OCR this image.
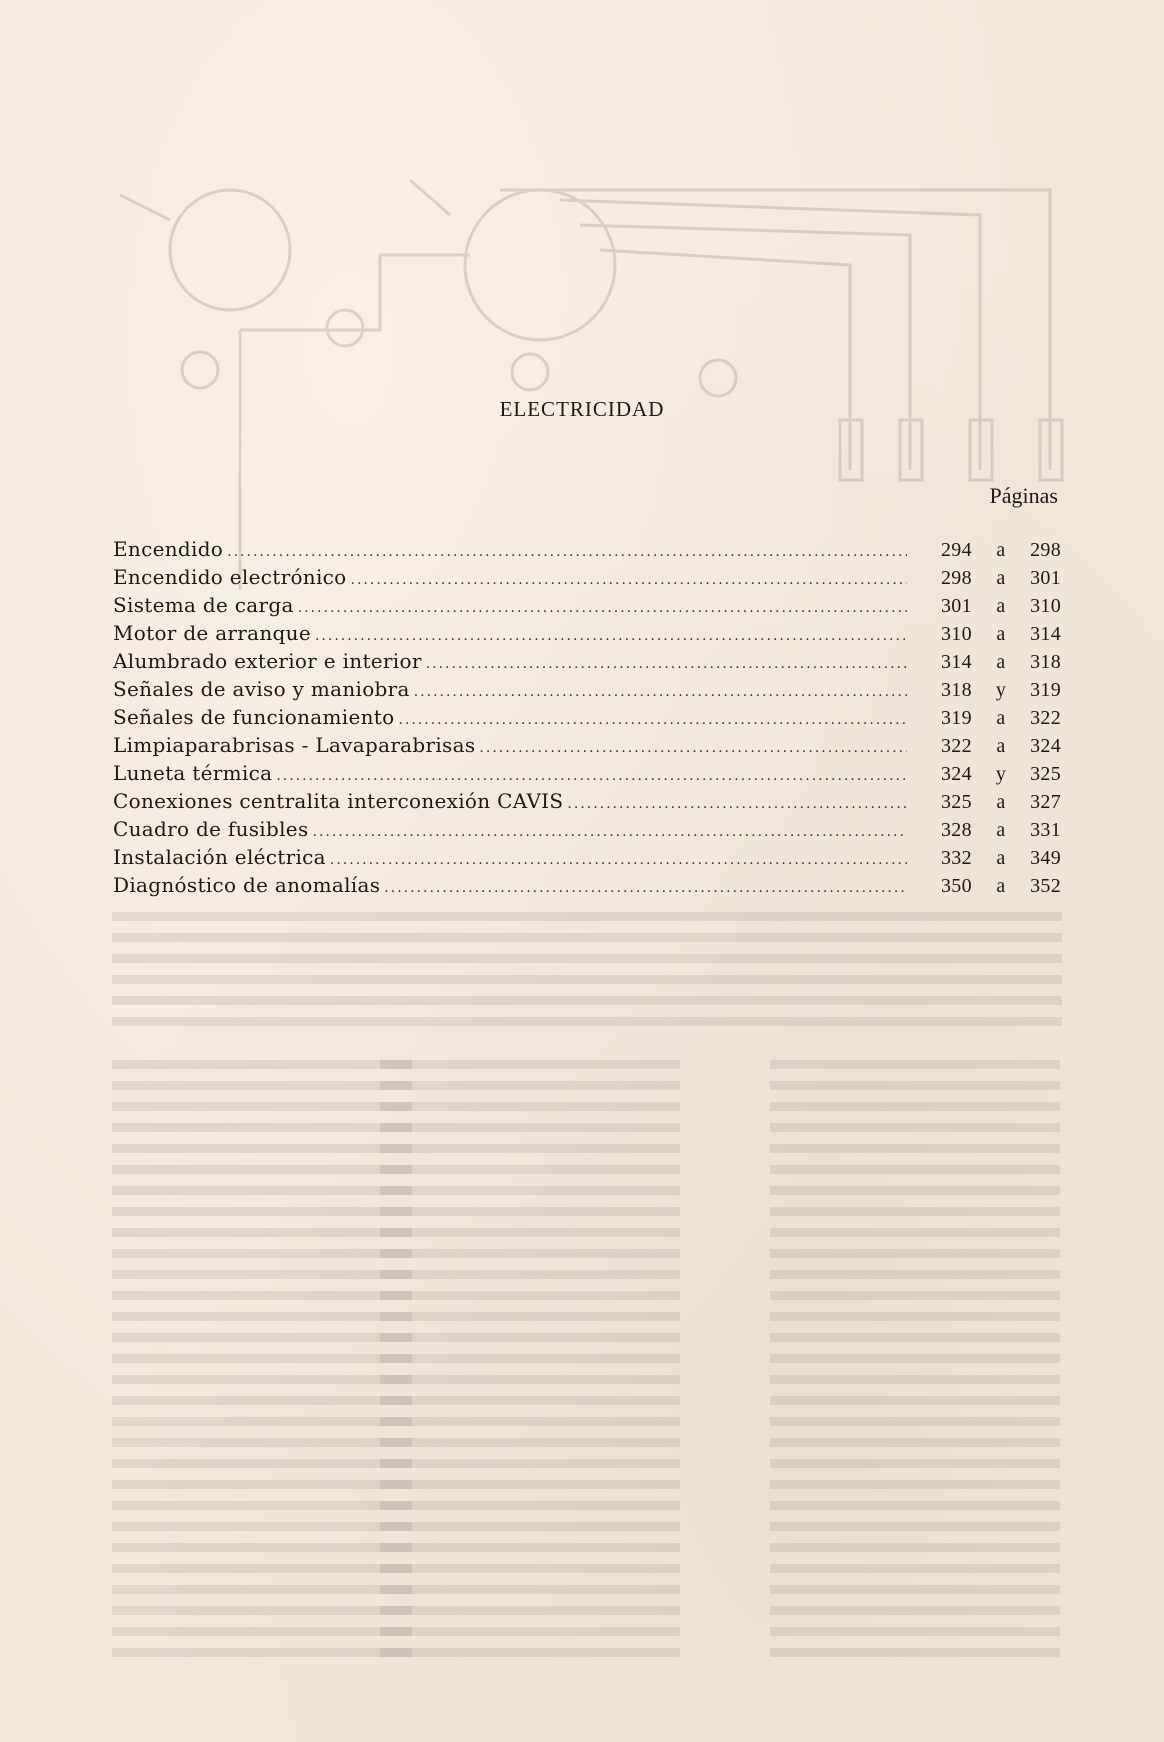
ELECTRICIDAD
Páginas
Encendido .....	294 a 298
Encendido electrónico .....	298 a 301
Sistema de carga .....	301 a 310
Motor de arranque .....	310 a 314
Alumbrado exterior e interior .....	314 a 318
Señales de aviso y maniobra .....	318 y 319
Señales de funcionamiento .....	319 a 322
Limpiaparabrisas - Lavaparabrisas .....	322 a 324
Luneta térmica .....	324 y 325
Conexiones centralita interconexión CAVIS .....	325 a 327
Cuadro de fusibles .....	328 a 331
Instalación eléctrica .....	332 a 349
Diagnóstico de anomalías .....	350 a 352
